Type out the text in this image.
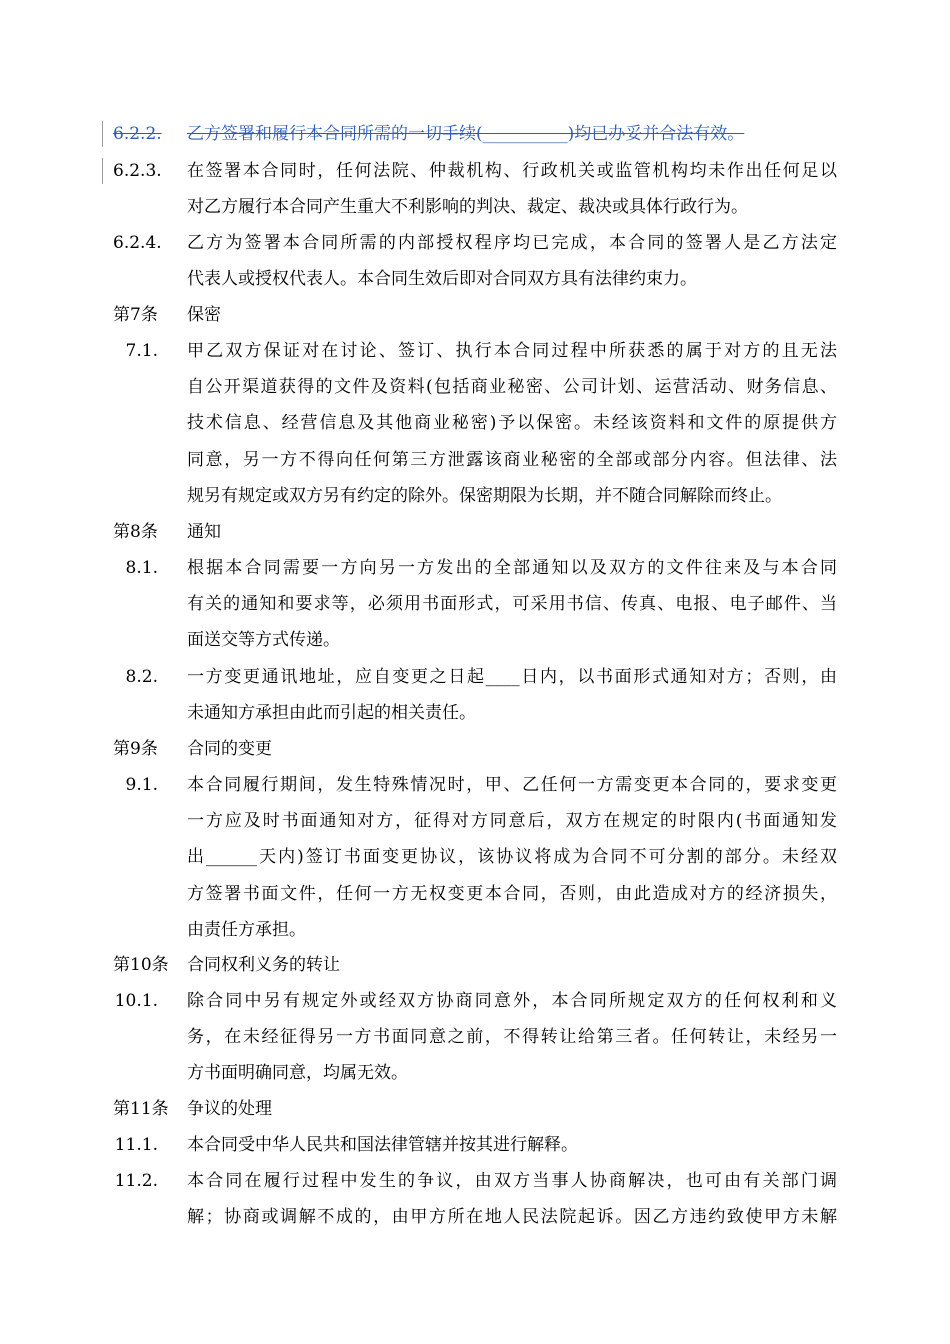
6.2.2. 乙方签署和履行本合同所需的一切手续(__________)均已办妥并合法有效。
6.2.3. 在签署本合同时，任何法院、仲裁机构、行政机关或监管机构均未作出任何足以
对乙方履行本合同产生重大不利影响的判决、裁定、裁决或具体行政行为。
6.2.4. 乙方为签署本合同所需的内部授权程序均已完成，本合同的签署人是乙方法定
代表人或授权代表人。本合同生效后即对合同双方具有法律约束力。
第7条 保密
7.1. 甲乙双方保证对在讨论、签订、执行本合同过程中所获悉的属于对方的且无法
自公开渠道获得的文件及资料(包括商业秘密、公司计划、运营活动、财务信息、
技术信息、经营信息及其他商业秘密)予以保密。未经该资料和文件的原提供方
同意，另一方不得向任何第三方泄露该商业秘密的全部或部分内容。但法律、法
规另有规定或双方另有约定的除外。保密期限为长期，并不随合同解除而终止。
第8条 通知
8.1. 根据本合同需要一方向另一方发出的全部通知以及双方的文件往来及与本合同
有关的通知和要求等，必须用书面形式，可采用书信、传真、电报、电子邮件、当
面送交等方式传递。
8.2. 一方变更通讯地址，应自变更之日起____日内，以书面形式通知对方；否则，由
未通知方承担由此而引起的相关责任。
第9条 合同的变更
9.1. 本合同履行期间，发生特殊情况时，甲、乙任何一方需变更本合同的，要求变更
一方应及时书面通知对方，征得对方同意后，双方在规定的时限内(书面通知发
出______天内)签订书面变更协议，该协议将成为合同不可分割的部分。未经双
方签署书面文件，任何一方无权变更本合同，否则，由此造成对方的经济损失，
由责任方承担。
第10条 合同权利义务的转让
10.1. 除合同中另有规定外或经双方协商同意外，本合同所规定双方的任何权利和义
务，在未经征得另一方书面同意之前，不得转让给第三者。任何转让，未经另一
方书面明确同意，均属无效。
第11条 争议的处理
11.1. 本合同受中华人民共和国法律管辖并按其进行解释。
11.2. 本合同在履行过程中发生的争议，由双方当事人协商解决，也可由有关部门调
解；协商或调解不成的，由甲方所在地人民法院起诉。因乙方违约致使甲方未解
